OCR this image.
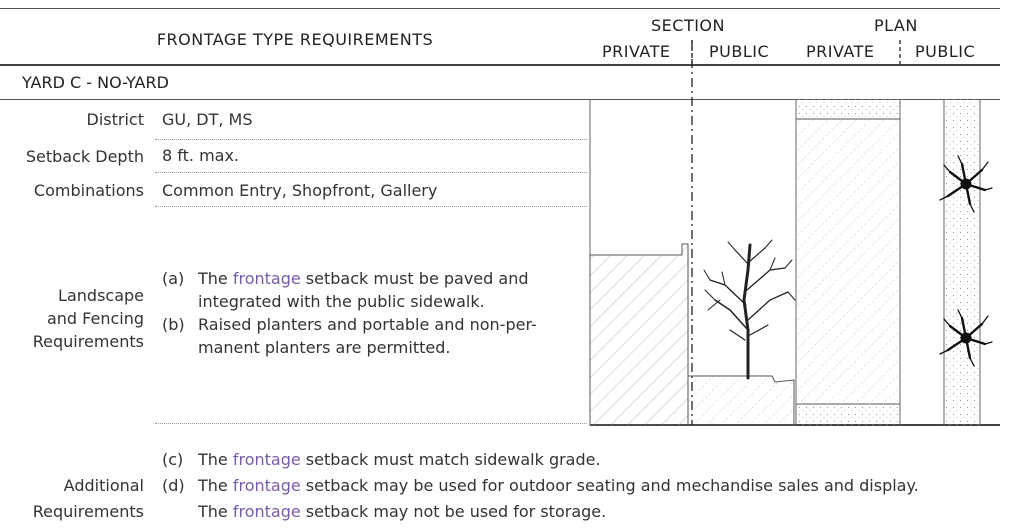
FRONTAGE TYPE REQUIREMENTS
SECTION	PLAN
PRIVATE PUBLIC PRIVATE	PUBLIC
YARD C - NO-YARD
District GU, DT, MS
Setback Depth 8 ft. max.
Combinations Common Entry, Shopfront, Gallery
Landscape
and Fencing
Requirements
(a) The frontage setback must be paved and
integrated with the public sidewalk.
(b) Raised planters and portable and non-per-
manent planters are permitted.
Additional
Requirements
(c) The frontage setback must match sidewalk grade.
(d) The frontage setback may be used for outdoor seating and mechandise sales and display.
The frontage setback may not be used for storage.
